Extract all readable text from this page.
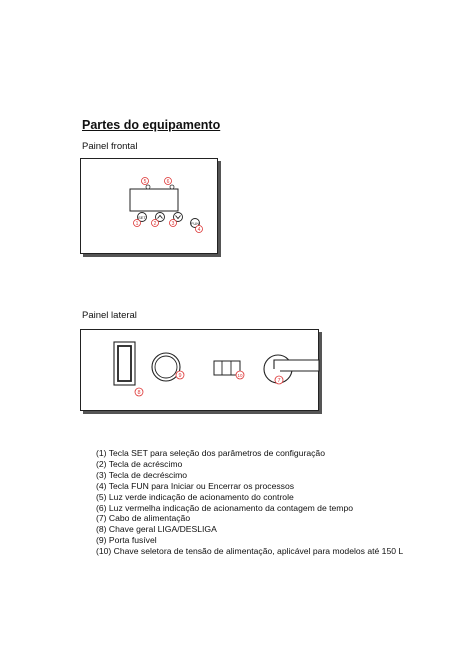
Partes do equipamento
Painel frontal
5	6
SET
FUN
1	2	3
4
Painel lateral
8
9	10
7
(1) Tecla SET para seleção dos parâmetros de configuração
(2) Tecla de acréscimo
(3) Tecla de decréscimo
(4) Tecla FUN para Iniciar ou Encerrar os processos
(5) Luz verde indicação de acionamento do controle
(6) Luz vermelha indicação de acionamento da contagem de tempo
(7) Cabo de alimentação
(8) Chave geral LIGA/DESLIGA
(9) Porta fusível
(10) Chave seletora de tensão de alimentação, aplicável para modelos até 150 L
